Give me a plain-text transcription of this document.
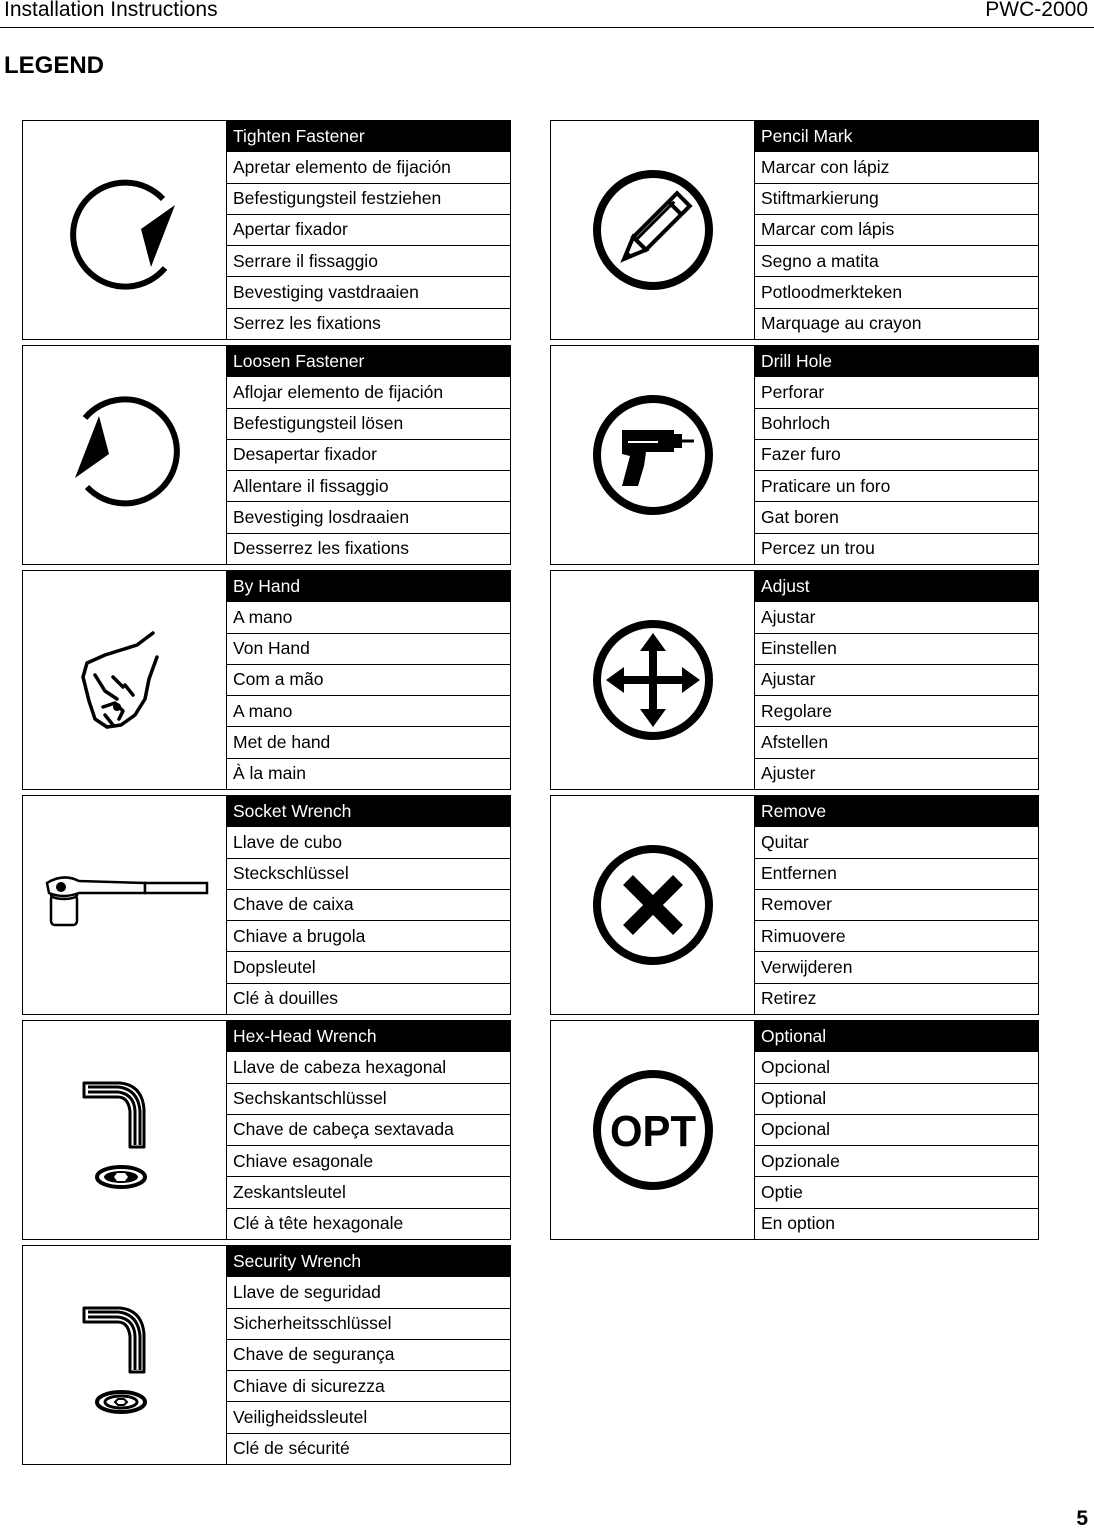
Installation Instructions	PWC-2000
LEGEND
Tighten Fastener
Apretar elemento de fijación
Befestigungsteil festziehen
Apertar fixador
Serrare il fissaggio
Bevestiging vastdraaien
Serrez les fixations
Pencil Mark
Marcar con lápiz
Stiftmarkierung
Marcar com lápis
Segno a matita
Potloodmerkteken
Marquage au crayon
Loosen Fastener
Aflojar elemento de fijación
Befestigungsteil lösen
Desapertar fixador
Allentare il fissaggio
Bevestiging losdraaien
Desserrez les fixations
Drill Hole
Perforar
Bohrloch
Fazer furo
Praticare un foro
Gat boren
Percez un trou
By Hand
A mano
Von Hand
Com a mão
A mano
Met de hand
À la main
Adjust
Ajustar
Einstellen
Ajustar
Regolare
Afstellen
Ajuster
Socket Wrench
Llave de cubo
Steckschlüssel
Chave de caixa
Chiave a brugola
Dopsleutel
Clé à douilles
Remove
Quitar
Entfernen
Remover
Rimuovere
Verwijderen
Retirez
Hex-Head Wrench
Llave de cabeza hexagonal
Sechskantschlüssel
Chave de cabeça sextavada
Chiave esagonale
Zeskantsleutel
Clé à tête hexagonale
OPT
Optional
Opcional
Optional
Opcional
Opzionale
Optie
En option
Security Wrench
Llave de seguridad
Sicherheitsschlüssel
Chave de segurança
Chiave di sicurezza
Veiligheidssleutel
Clé de sécurité
5
